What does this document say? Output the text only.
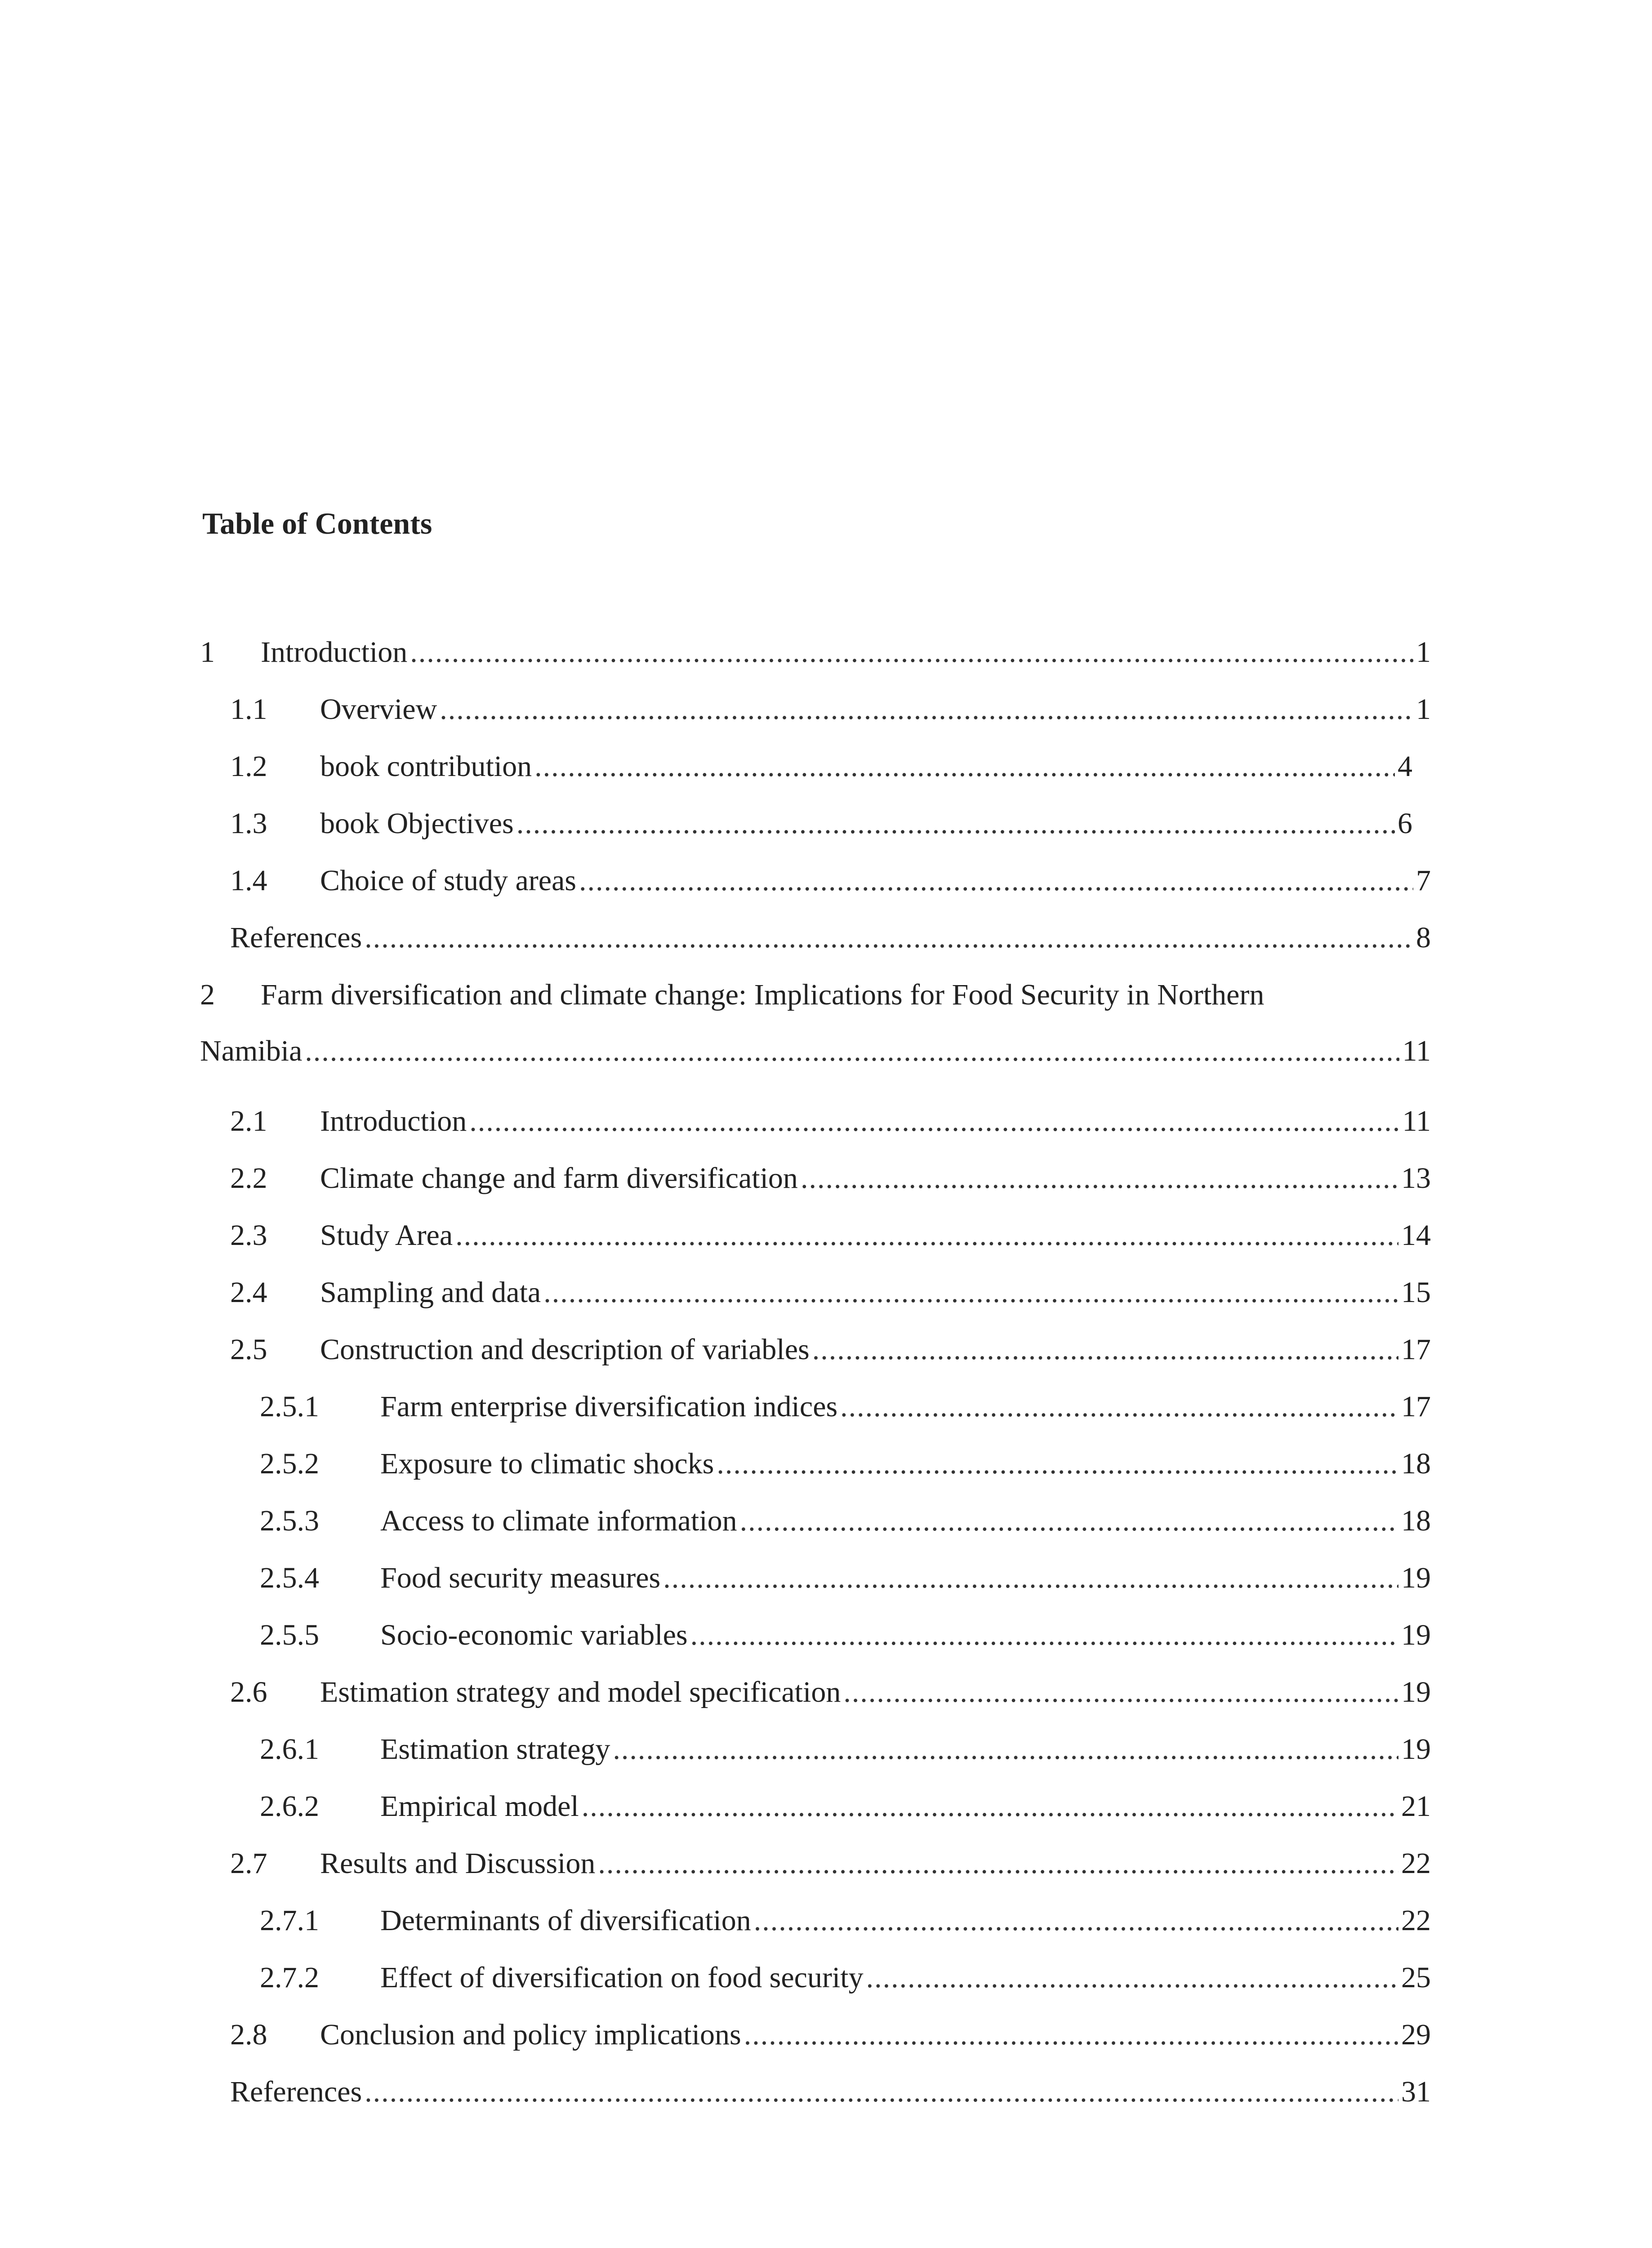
Table of Contents
1	Introduction .....	1
1.1	Overview .....	1
1.2	book contribution .....	4
1.3	book Objectives .....	6
1.4	Choice of study areas .....	7
References .....	8
2 Farm diversification and climate change: Implications for Food Security in Northern
Namibia .....	11
2.1	Introduction .....	11
2.2	Climate change and farm diversification .....	13
2.3	Study Area .....	14
2.4	Sampling and data .....	15
2.5	Construction and description of variables .....	17
2.5.1	Farm enterprise diversification indices .....	17
2.5.2	Exposure to climatic shocks .....	18
2.5.3	Access to climate information .....	18
2.5.4	Food security measures .....	19
2.5.5	Socio-economic variables .....	19
2.6	Estimation strategy and model specification .....	19
2.6.1	Estimation strategy .....	19
2.6.2	Empirical model .....	21
2.7	Results and Discussion .....	22
2.7.1	Determinants of diversification .....	22
2.7.2	Effect of diversification on food security .....	25
2.8	Conclusion and policy implications .....	29
References .....	31
